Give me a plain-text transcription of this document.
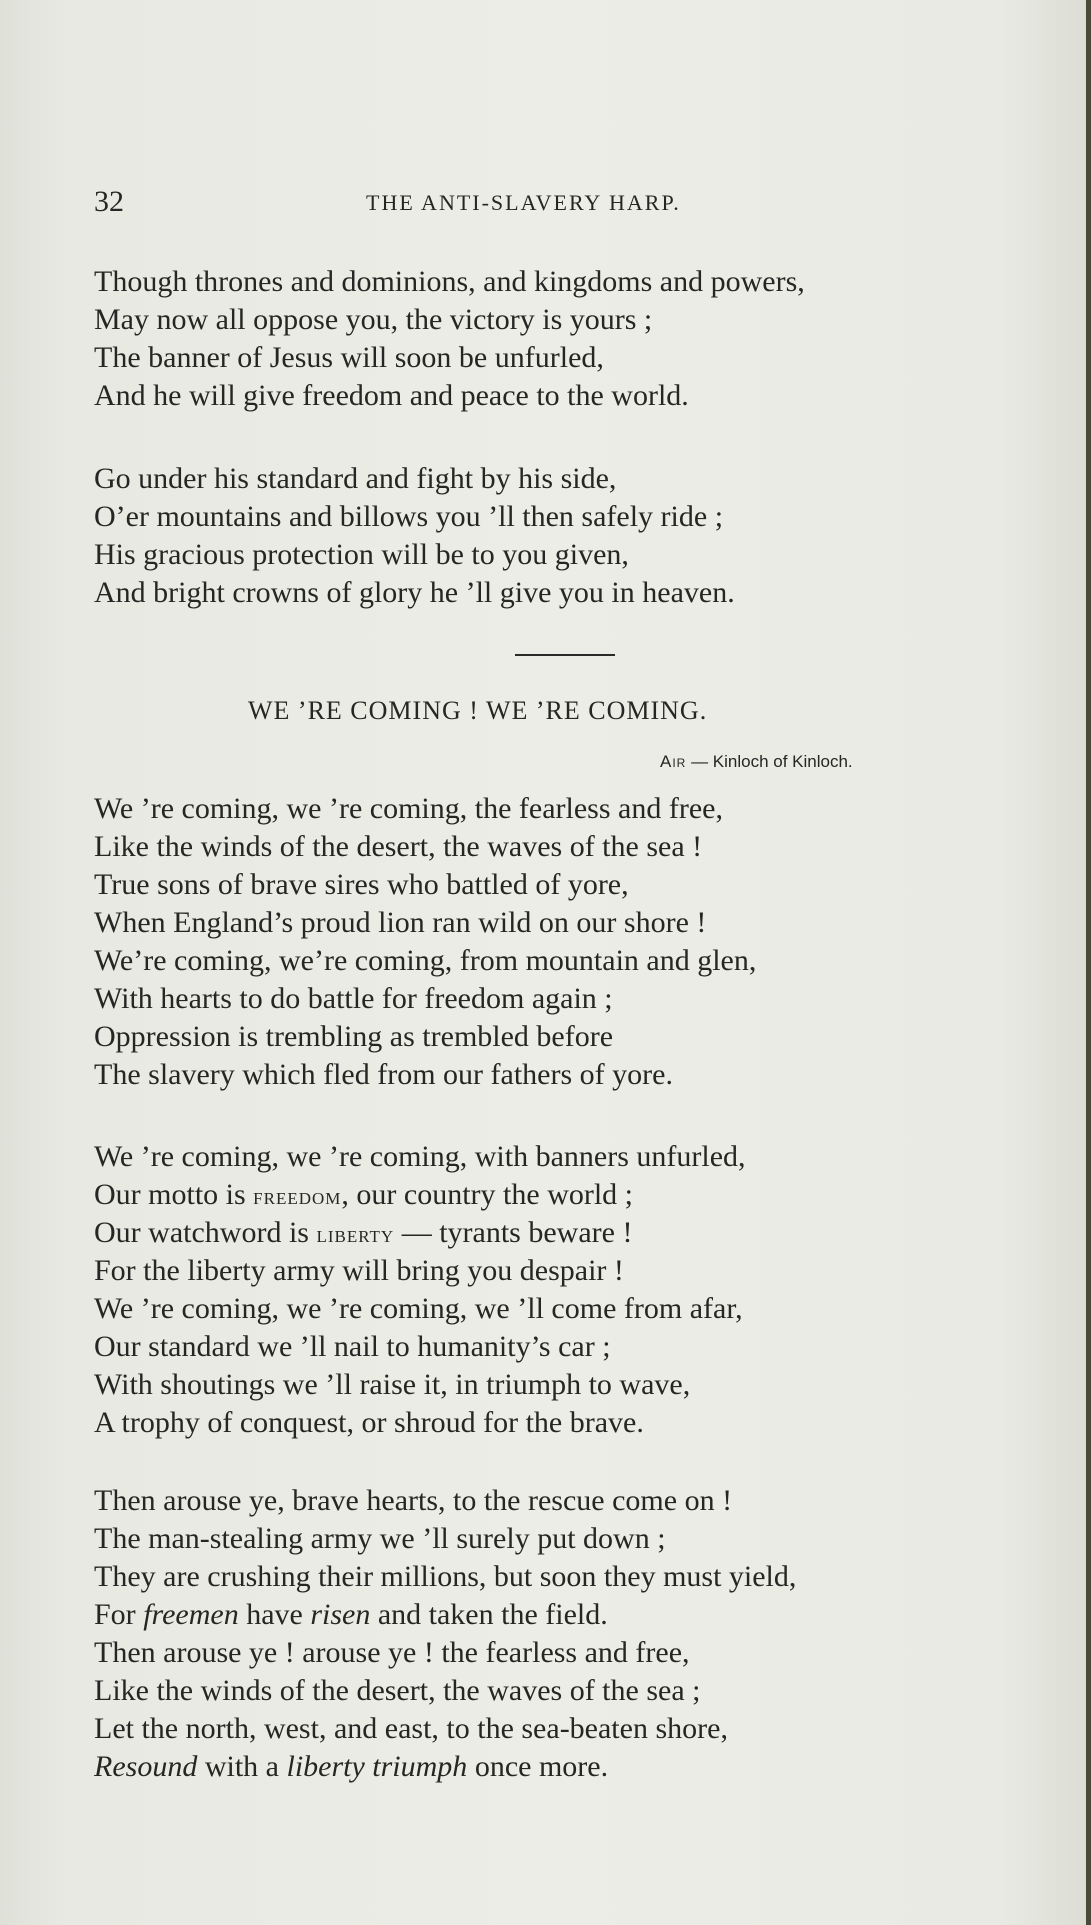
32	THE ANTI-SLAVERY HARP.
Though thrones and dominions, and kingdoms and powers,
May now all oppose you, the victory is yours ;
The banner of Jesus will soon be unfurled,
And he will give freedom and peace to the world.
Go under his standard and fight by his side,
O’er mountains and billows you ’ll then safely ride ;
His gracious protection will be to you given,
And bright crowns of glory he ’ll give you in heaven.
WE ’RE COMING ! WE ’RE COMING.
Air — Kinloch of Kinloch.
We ’re coming, we ’re coming, the fearless and free,
Like the winds of the desert, the waves of the sea !
True sons of brave sires who battled of yore,
When England’s proud lion ran wild on our shore !
We’re coming, we’re coming, from mountain and glen,
With hearts to do battle for freedom again ;
Oppression is trembling as trembled before
The slavery which fled from our fathers of yore.
We ’re coming, we ’re coming, with banners unfurled,
Our motto is freedom, our country the world ;
Our watchword is liberty — tyrants beware !
For the liberty army will bring you despair !
We ’re coming, we ’re coming, we ’ll come from afar,
Our standard we ’ll nail to humanity’s car ;
With shoutings we ’ll raise it, in triumph to wave,
A trophy of conquest, or shroud for the brave.
Then arouse ye, brave hearts, to the rescue come on !
The man-stealing army we ’ll surely put down ;
They are crushing their millions, but soon they must yield,
For freemen have risen and taken the field.
Then arouse ye ! arouse ye ! the fearless and free,
Like the winds of the desert, the waves of the sea ;
Let the north, west, and east, to the sea-beaten shore,
Resound with a liberty triumph once more.
